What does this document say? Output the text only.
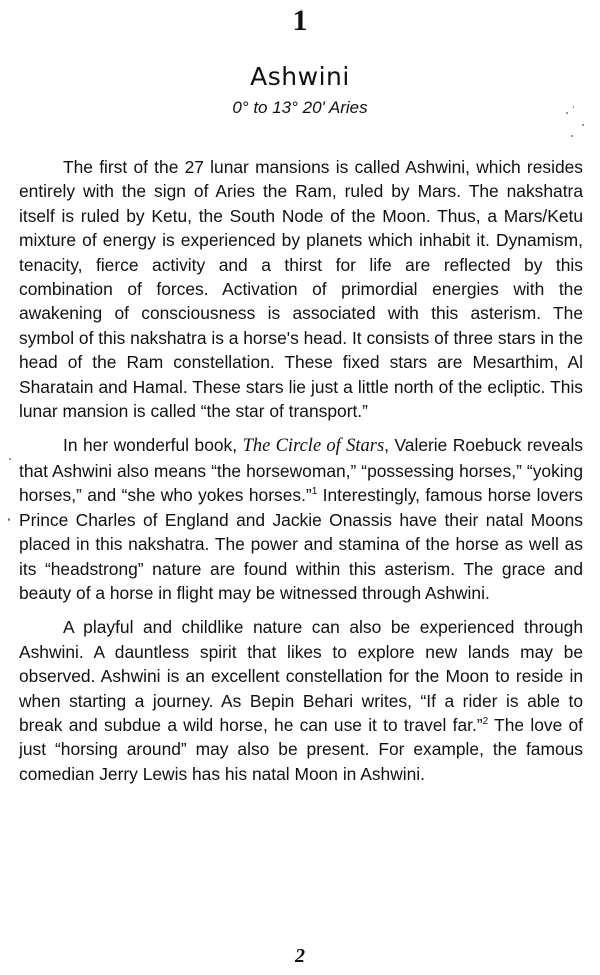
1
Ashwini
0° to 13° 20' Aries

The first of the 27 lunar mansions is called Ashwini, which resides entirely with the sign of Aries the Ram, ruled by Mars. The nakshatra itself is ruled by Ketu, the South Node of the Moon. Thus, a Mars/Ketu mixture of energy is experienced by planets which inhabit it. Dynamism, tenacity, fierce activity and a thirst for life are reflected by this combination of forces. Activation of primordial energies with the awakening of consciousness is associated with this asterism. The symbol of this nakshatra is a horse's head. It consists of three stars in the head of the Ram constellation. These fixed stars are Mesarthim, Al Sharatain and Hamal. These stars lie just a little north of the ecliptic. This lunar mansion is called “the star of transport.”

In her wonderful book, The Circle of Stars, Valerie Roebuck reveals that Ashwini also means “the horsewoman,” “possessing horses,” “yoking horses,” and “she who yokes horses.”$^1$ Interestingly, famous horse lovers Prince Charles of England and Jackie Onassis have their natal Moons placed in this nakshatra. The power and stamina of the horse as well as its “headstrong” nature are found within this asterism. The grace and beauty of a horse in flight may be witnessed through Ashwini.

A playful and childlike nature can also be experienced through Ashwini. A dauntless spirit that likes to explore new lands may be observed. Ashwini is an excellent constellation for the Moon to reside in when starting a journey. As Bepin Behari writes, “If a rider is able to break and subdue a wild horse, he can use it to travel far.”$^2$ The love of just “horsing around” may also be present. For example, the famous comedian Jerry Lewis has his natal Moon in Ashwini.

2
